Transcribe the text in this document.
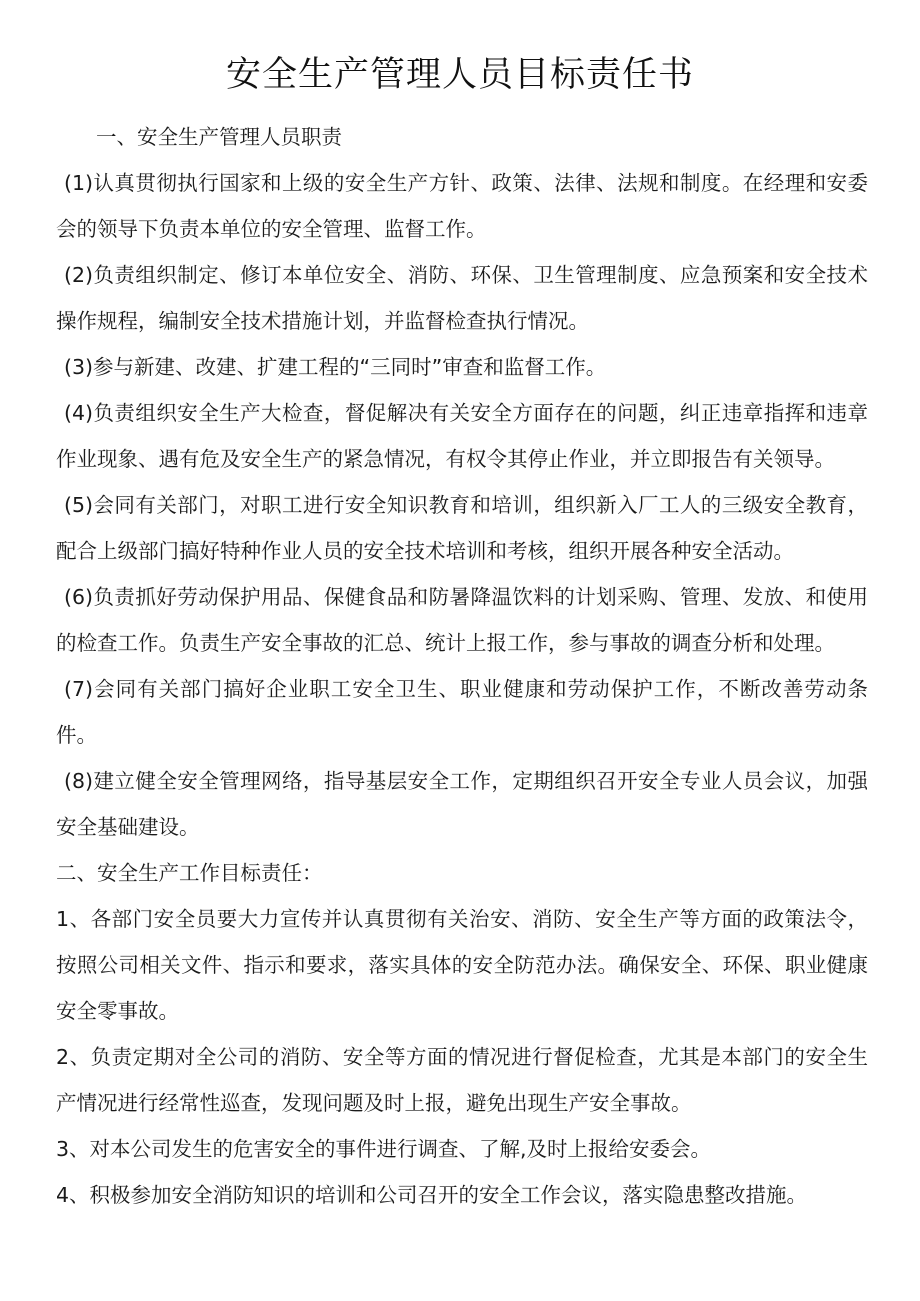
安全生产管理人员目标责任书

一、安全生产管理人员职责

(1)认真贯彻执行国家和上级的安全生产方针、政策、法律、法规和制度。在经理和安委会的领导下负责本单位的安全管理、监督工作。

(2)负责组织制定、修订本单位安全、消防、环保、卫生管理制度、应急预案和安全技术操作规程，编制安全技术措施计划，并监督检查执行情况。

(3)参与新建、改建、扩建工程的“三同时”审查和监督工作。

(4)负责组织安全生产大检查，督促解决有关安全方面存在的问题，纠正违章指挥和违章作业现象、遇有危及安全生产的紧急情况，有权令其停止作业，并立即报告有关领导。

(5)会同有关部门，对职工进行安全知识教育和培训，组织新入厂工人的三级安全教育，配合上级部门搞好特种作业人员的安全技术培训和考核，组织开展各种安全活动。

(6)负责抓好劳动保护用品、保健食品和防暑降温饮料的计划采购、管理、发放、和使用的检查工作。负责生产安全事故的汇总、统计上报工作，参与事故的调查分析和处理。

(7)会同有关部门搞好企业职工安全卫生、职业健康和劳动保护工作，不断改善劳动条件。

(8)建立健全安全管理网络，指导基层安全工作，定期组织召开安全专业人员会议，加强安全基础建设。

二、安全生产工作目标责任：

1、各部门安全员要大力宣传并认真贯彻有关治安、消防、安全生产等方面的政策法令，按照公司相关文件、指示和要求，落实具体的安全防范办法。确保安全、环保、职业健康安全零事故。

2、负责定期对全公司的消防、安全等方面的情况进行督促检查，尤其是本部门的安全生产情况进行经常性巡查，发现问题及时上报，避免出现生产安全事故。

3、对本公司发生的危害安全的事件进行调查、了解,及时上报给安委会。

4、积极参加安全消防知识的培训和公司召开的安全工作会议，落实隐患整改措施。
